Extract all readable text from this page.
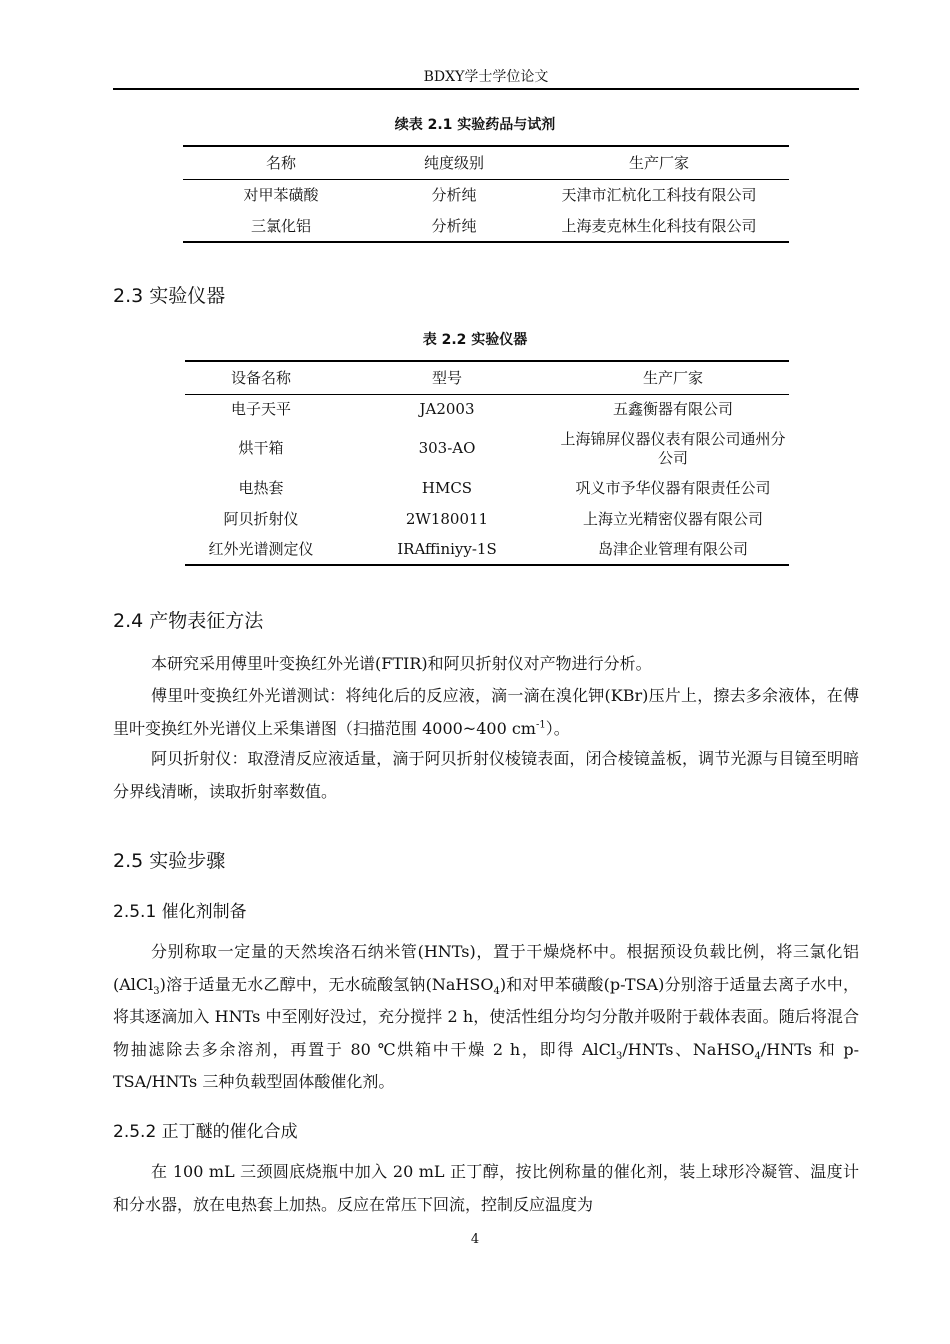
BDXY学士学位论文
续表 2.1 实验药品与试剂
名称	纯度级别	生产厂家
对甲苯磺酸	分析纯	天津市汇杭化工科技有限公司
三氯化铝	分析纯	上海麦克林生化科技有限公司
2.3 实验仪器
表 2.2 实验仪器
设备名称	型号	生产厂家
电子天平	JA2003	五鑫衡器有限公司
烘干箱	303-AO	上海锦屏仪器仪表有限公司通州分公司
电热套	HMCS	巩义市予华仪器有限责任公司
阿贝折射仪	2W180011	上海立光精密仪器有限公司
红外光谱测定仪	IRAffiniyy-1S	岛津企业管理有限公司
2.4 产物表征方法

本研究采用傅里叶变换红外光谱(FTIR)和阿贝折射仪对产物进行分析。

傅里叶变换红外光谱测试：将纯化后的反应液，滴一滴在溴化钾(KBr)压片上，擦去多余液体，在傅里叶变换红外光谱仪上采集谱图（扫描范围 4000~400 $cm^{-1}$）。

阿贝折射仪：取澄清反应液适量，滴于阿贝折射仪棱镜表面，闭合棱镜盖板，调节光源与目镜至明暗分界线清晰，读取折射率数值。

2.5 实验步骤
2.5.1 催化剂制备

分别称取一定量的天然埃洛石纳米管(HNTs)，置于干燥烧杯中。根据预设负载比例，将三氯化铝(AlCl$_3$)溶于适量无水乙醇中，无水硫酸氢钠(NaHSO$_4$)和对甲苯磺酸(p-TSA)分别溶于适量去离子水中，将其逐滴加入 HNTs 中至刚好没过，充分搅拌 2 h，使活性组分均匀分散并吸附于载体表面。随后将混合物抽滤除去多余溶剂，再置于 80 ℃烘箱中干燥 2 h，即得 AlCl$_3$/HNTs、NaHSO$_4$/HNTs 和 p-TSA/HNTs 三种负载型固体酸催化剂。

2.5.2 正丁醚的催化合成

在 100 mL 三颈圆底烧瓶中加入 20 mL 正丁醇，按比例称量的催化剂，装上球形冷凝管、温度计和分水器，放在电热套上加热。反应在常压下回流，控制反应温度为

4
